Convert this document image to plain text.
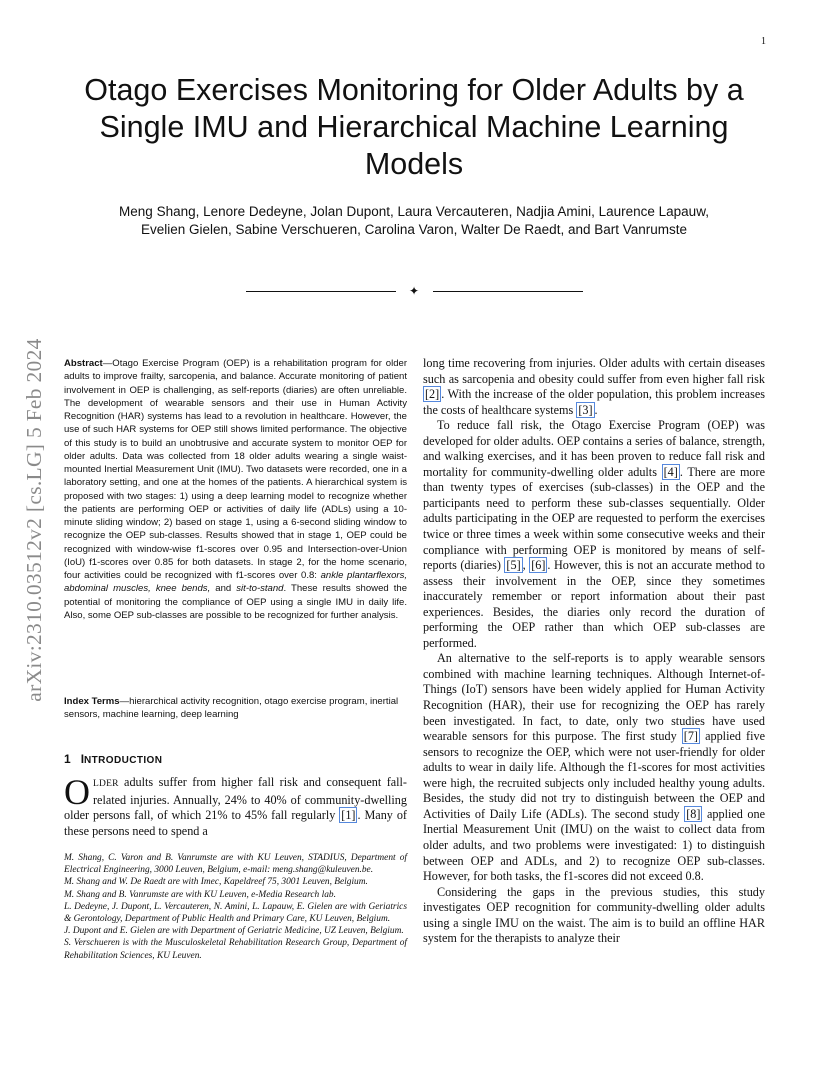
1
arXiv:2310.03512v2 [cs.LG] 5 Feb 2024
Otago Exercises Monitoring for Older Adults by a Single IMU and Hierarchical Machine Learning Models
Meng Shang, Lenore Dedeyne, Jolan Dupont, Laura Vercauteren, Nadjia Amini, Laurence Lapauw,
Evelien Gielen, Sabine Verschueren, Carolina Varon, Walter De Raedt, and Bart Vanrumste
✦
Abstract—Otago Exercise Program (OEP) is a rehabilitation program for older adults to improve frailty, sarcopenia, and balance. Accurate monitoring of patient involvement in OEP is challenging, as self-reports (diaries) are often unreliable. The development of wearable sensors and their use in Human Activity Recognition (HAR) systems has lead to a revolution in healthcare. However, the use of such HAR systems for OEP still shows limited performance. The objective of this study is to build an unobtrusive and accurate system to monitor OEP for older adults. Data was collected from 18 older adults wearing a single waist-mounted Inertial Measurement Unit (IMU). Two datasets were recorded, one in a laboratory setting, and one at the homes of the patients. A hierarchical system is proposed with two stages: 1) using a deep learning model to recognize whether the patients are performing OEP or activities of daily life (ADLs) using a 10-minute sliding window; 2) based on stage 1, using a 6-second sliding window to recognize the OEP sub-classes. Results showed that in stage 1, OEP could be recognized with window-wise f1-scores over 0.95 and Intersection-over-Union (IoU) f1-scores over 0.85 for both datasets. In stage 2, for the home scenario, four activities could be recognized with f1-scores over 0.8: ankle plantarflexors, abdominal muscles, knee bends, and sit-to-stand. These results showed the potential of monitoring the compliance of OEP using a single IMU in daily life. Also, some OEP sub-classes are possible to be recognized for further analysis.
Index Terms—hierarchical activity recognition, otago exercise program, inertial sensors, machine learning, deep learning
1 INTRODUCTION
OLDER adults suffer from higher fall risk and consequent fall-related injuries. Annually, 24% to 40% of community-dwelling older persons fall, of which 21% to 45% fall regularly [1] . Many of these persons need to spend a

M. Shang, C. Varon and B. Vanrumste are with KU Leuven, STADIUS, Department of Electrical Engineering, 3000 Leuven, Belgium, e-mail: meng.shang@kuleuven.be.

M. Shang and W. De Raedt are with Imec, Kapeldreef 75, 3001 Leuven, Belgium.

M. Shang and B. Vanrumste are with KU Leuven, e-Media Research lab.

L. Dedeyne, J. Dupont, L. Vercauteren, N. Amini, L. Lapauw, E. Gielen are with Geriatrics & Gerontology, Department of Public Health and Primary Care, KU Leuven, Belgium.

J. Dupont and E. Gielen are with Department of Geriatric Medicine, UZ Leuven, Belgium.

S. Verschueren is with the Musculoskeletal Rehabilitation Research Group, Department of Rehabilitation Sciences, KU Leuven.

long time recovering from injuries. Older adults with certain diseases such as sarcopenia and obesity could suffer from even higher fall risk [2] . With the increase of the older population, this problem increases the costs of healthcare systems [3] .

To reduce fall risk, the Otago Exercise Program (OEP) was developed for older adults. OEP contains a series of balance, strength, and walking exercises, and it has been proven to reduce fall risk and mortality for community-dwelling older adults [4] . There are more than twenty types of exercises (sub-classes) in the OEP and the participants need to perform these sub-classes sequentially. Older adults participating in the OEP are requested to perform the exercises twice or three times a week within some consecutive weeks and their compliance with performing OEP is monitored by means of self-reports (diaries) [5] , [6] . However, this is not an accurate method to assess their involvement in the OEP, since they sometimes inaccurately remember or report information about their past experiences. Besides, the diaries only record the duration of performing the OEP rather than which OEP sub-classes are performed.

An alternative to the self-reports is to apply wearable sensors combined with machine learning techniques. Although Internet-of-Things (IoT) sensors have been widely applied for Human Activity Recognition (HAR), their use for recognizing the OEP has rarely been investigated. In fact, to date, only two studies have used wearable sensors for this purpose. The first study [7] applied five sensors to recognize the OEP, which were not user-friendly for older adults to wear in daily life. Although the f1-scores for most activities were high, the recruited subjects only included healthy young adults. Besides, the study did not try to distinguish between the OEP and Activities of Daily Life (ADLs). The second study [8] applied one Inertial Measurement Unit (IMU) on the waist to collect data from older adults, and two problems were investigated: 1) to distinguish between OEP and ADLs, and 2) to recognize OEP sub-classes. However, for both tasks, the f1-scores did not exceed 0.8.

Considering the gaps in the previous studies, this study investigates OEP recognition for community-dwelling older adults using a single IMU on the waist. The aim is to build an offline HAR system for the therapists to analyze their
